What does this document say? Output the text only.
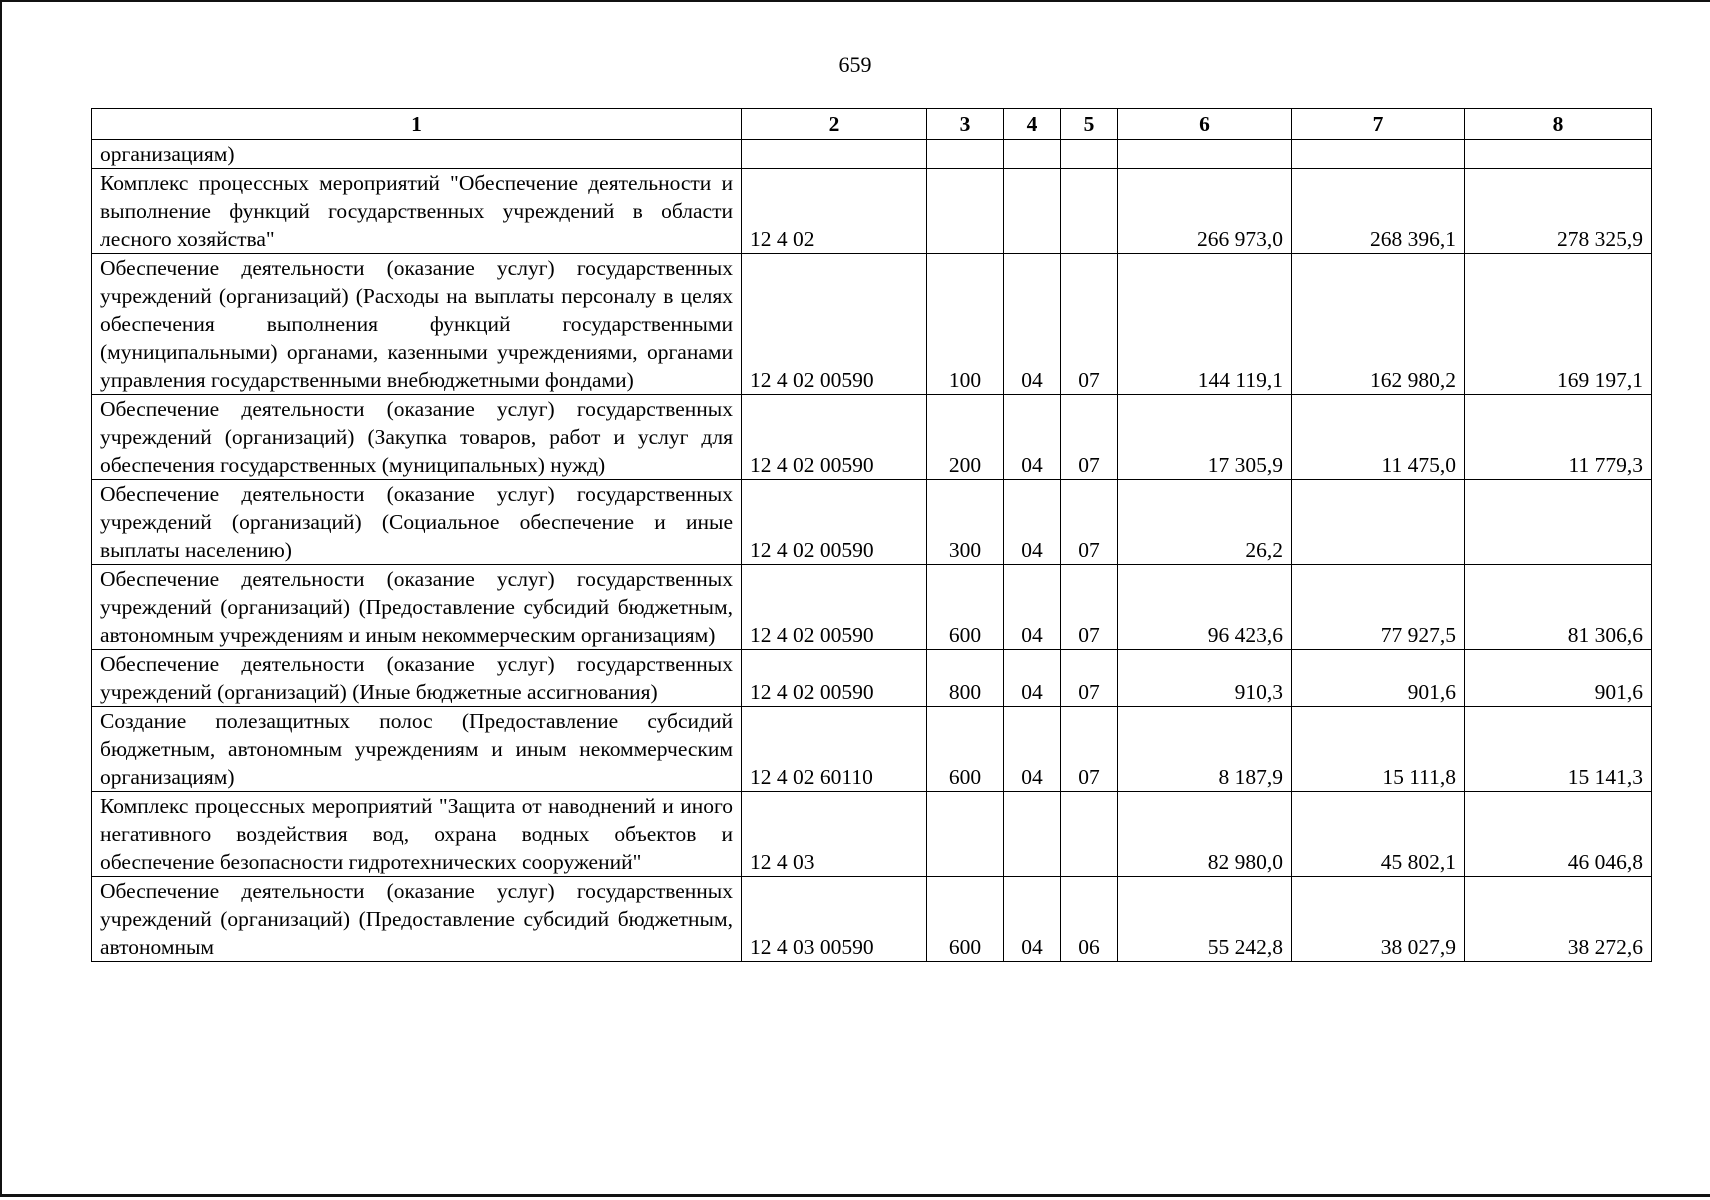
659
1	2	3	4	5	6	7	8
организациям)							
Комплекс процессных мероприятий "Обеспечение деятельности и выполнение функций государственных учреждений в области лесного хозяйства"	12 4 02				266 973,0	268 396,1	278 325,9
Обеспечение деятельности (оказание услуг) государственных учреждений (организаций) (Расходы на выплаты персоналу в целях обеспечения выполнения функций государственными (муниципальными) органами, казенными учреждениями, органами управления государственными внебюджетными фондами)	12 4 02 00590	100	04	07	144 119,1	162 980,2	169 197,1
Обеспечение деятельности (оказание услуг) государственных учреждений (организаций) (Закупка товаров, работ и услуг для обеспечения государственных (муниципальных) нужд)	12 4 02 00590	200	04	07	17 305,9	11 475,0	11 779,3
Обеспечение деятельности (оказание услуг) государственных учреждений (организаций) (Социальное обеспечение и иные выплаты населению)	12 4 02 00590	300	04	07	26,2		
Обеспечение деятельности (оказание услуг) государственных учреждений (организаций) (Предоставление субсидий бюджетным, автономным учреждениям и иным некоммерческим организациям)	12 4 02 00590	600	04	07	96 423,6	77 927,5	81 306,6
Обеспечение деятельности (оказание услуг) государственных учреждений (организаций) (Иные бюджетные ассигнования)	12 4 02 00590	800	04	07	910,3	901,6	901,6
Создание полезащитных полос (Предоставление субсидий бюджетным, автономным учреждениям и иным некоммерческим организациям)	12 4 02 60110	600	04	07	8 187,9	15 111,8	15 141,3
Комплекс процессных мероприятий "Защита от наводнений и иного негативного воздействия вод, охрана водных объектов и обеспечение безопасности гидротехнических сооружений"	12 4 03				82 980,0	45 802,1	46 046,8
Обеспечение деятельности (оказание услуг) государственных учреждений (организаций) (Предоставление субсидий бюджетным, автономным	12 4 03 00590	600	04	06	55 242,8	38 027,9	38 272,6
